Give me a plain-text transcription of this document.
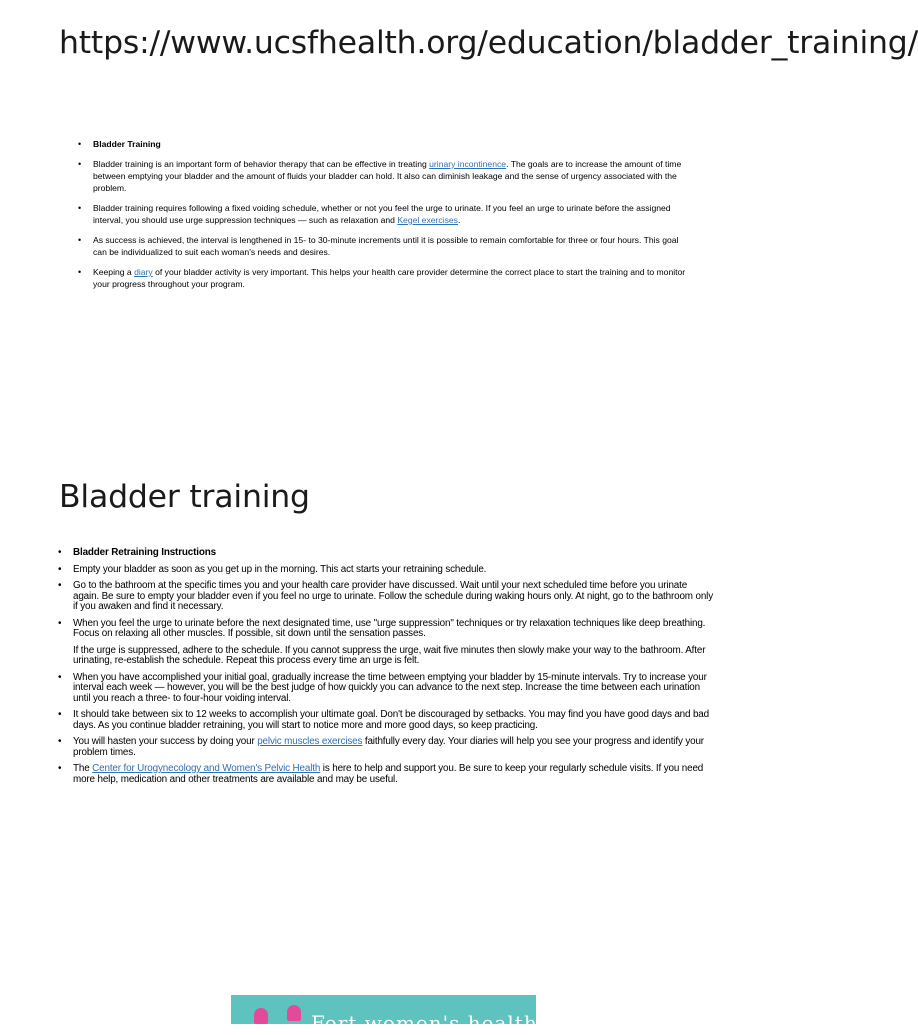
https://www.ucsfhealth.org/education/bladder_training/
• Bladder Training
• Bladder training is an important form of behavior therapy that can be effective in treating urinary incontinence. The goals are to increase the amount of time between emptying your bladder and the amount of fluids your bladder can hold. It also can diminish leakage and the sense of urgency associated with the problem.
• Bladder training requires following a fixed voiding schedule, whether or not you feel the urge to urinate. If you feel an urge to urinate before the assigned interval, you should use urge suppression techniques — such as relaxation and Kegel exercises.
• As success is achieved, the interval is lengthened in 15- to 30-minute increments until it is possible to remain comfortable for three or four hours. This goal can be individualized to suit each woman's needs and desires.
• Keeping a diary of your bladder activity is very important. This helps your health care provider determine the correct place to start the training and to monitor your progress throughout your program.
Bladder training
• Bladder Retraining Instructions
• Empty your bladder as soon as you get up in the morning. This act starts your retraining schedule.
• Go to the bathroom at the specific times you and your health care provider have discussed. Wait until your next scheduled time before you urinate again. Be sure to empty your bladder even if you feel no urge to urinate. Follow the schedule during waking hours only. At night, go to the bathroom only if you awaken and find it necessary.
• When you feel the urge to urinate before the next designated time, use "urge suppression" techniques or try relaxation techniques like deep breathing. Focus on relaxing all other muscles. If possible, sit down until the sensation passes.
If the urge is suppressed, adhere to the schedule. If you cannot suppress the urge, wait five minutes then slowly make your way to the bathroom. After urinating, re-establish the schedule. Repeat this process every time an urge is felt.
• When you have accomplished your initial goal, gradually increase the time between emptying your bladder by 15-minute intervals. Try to increase your interval each week — however, you will be the best judge of how quickly you can advance to the next step. Increase the time between each urination until you reach a three- to four-hour voiding interval.
• It should take between six to 12 weeks to accomplish your ultimate goal. Don't be discouraged by setbacks. You may find you have good days and bad days. As you continue bladder retraining, you will start to notice more and more good days, so keep practicing.
• You will hasten your success by doing your pelvic muscles exercises faithfully every day. Your diaries will help you see your progress and identify your problem times.
• The Center for Urogynecology and Women's Pelvic Health is here to help and support you. Be sure to keep your regularly schedule visits. If you need more help, medication and other treatments are available and may be useful.
Fort women's health
